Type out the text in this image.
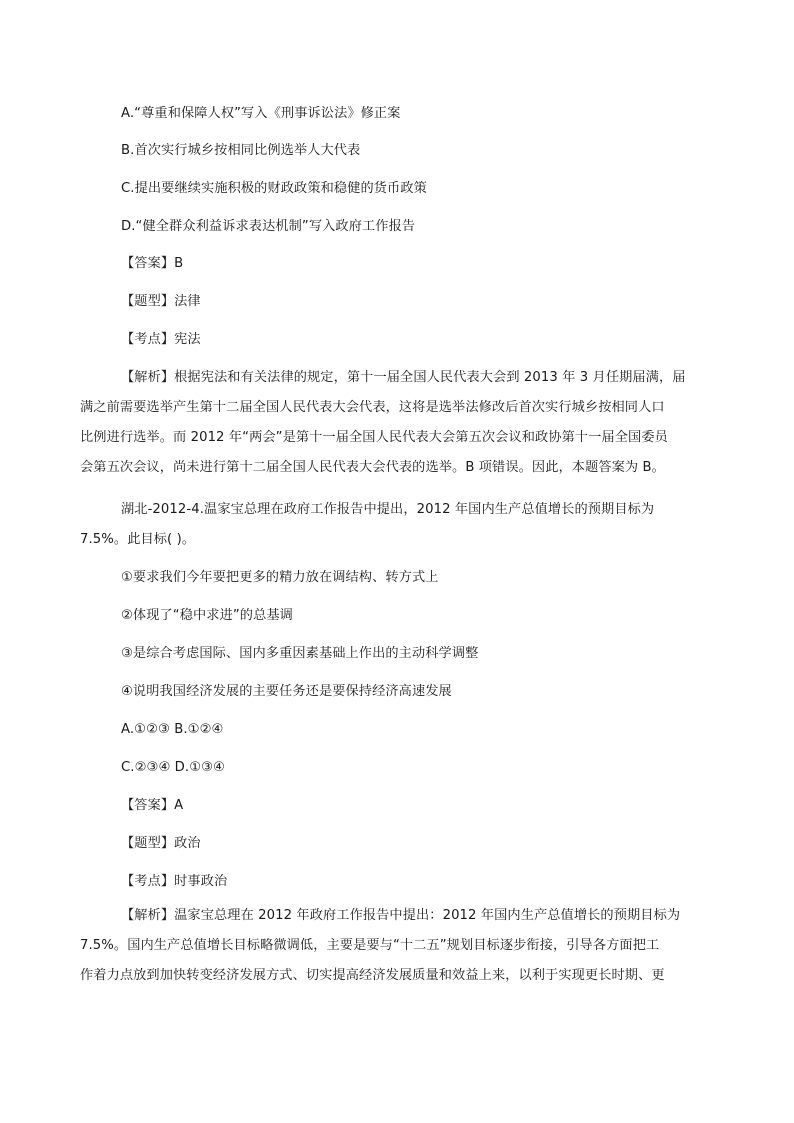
A.“尊重和保障人权”写入《刑事诉讼法》修正案
B.首次实行城乡按相同比例选举人大代表
C.提出要继续实施积极的财政政策和稳健的货币政策
D.“健全群众利益诉求表达机制”写入政府工作报告
【答案】B
【题型】法律
【考点】宪法
【解析】根据宪法和有关法律的规定，第十一届全国人民代表大会到 2013 年 3 月任期届满，届
满之前需要选举产生第十二届全国人民代表大会代表，这将是选举法修改后首次实行城乡按相同人口
比例进行选举。而 2012 年“两会”是第十一届全国人民代表大会第五次会议和政协第十一届全国委员
会第五次会议，尚未进行第十二届全国人民代表大会代表的选举。B 项错误。因此，本题答案为 B。
湖北-2012-4.温家宝总理在政府工作报告中提出，2012 年国内生产总值增长的预期目标为
7.5%。此目标( )。
①要求我们今年要把更多的精力放在调结构、转方式上
②体现了“稳中求进”的总基调
③是综合考虑国际、国内多重因素基础上作出的主动科学调整
④说明我国经济发展的主要任务还是要保持经济高速发展
A.①②③ B.①②④
C.②③④ D.①③④
【答案】A
【题型】政治
【考点】时事政治
【解析】温家宝总理在 2012 年政府工作报告中提出：2012 年国内生产总值增长的预期目标为
7.5%。国内生产总值增长目标略微调低，主要是要与“十二五”规划目标逐步衔接，引导各方面把工
作着力点放到加快转变经济发展方式、切实提高经济发展质量和效益上来，以利于实现更长时期、更
